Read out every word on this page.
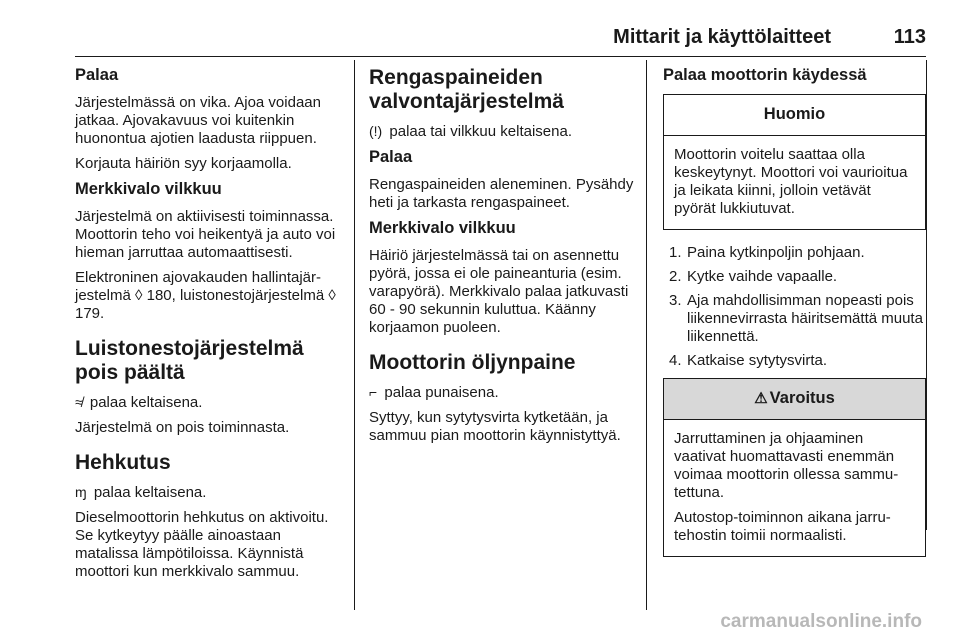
Mittarit ja käyttölaitteet	113
Palaa

Järjestelmässä on vika. Ajoa voidaan jatkaa. Ajovakavuus voi kuitenkin huonontua ajotien laadusta riippuen.

Korjauta häiriön syy korjaamolla.

Merkkivalo vilkkuu

Järjestelmä on aktiivisesti toiminnassa. Moottorin teho voi heikentyä ja auto voi hieman jarruttaa automaattisesti.

Elektroninen ajovakauden hallintajärjestelmä ◊ 180, luistonestojärjestelmä ◊ 179.

Luistonestojärjestelmä pois päältä

≉ palaa keltaisena.

Järjestelmä on pois toiminnasta.

Hehkutus

ɱ palaa keltaisena.

Dieselmoottorin hehkutus on aktivoitu. Se kytkeytyy päälle ainoastaan matalissa lämpötiloissa. Käynnistä moottori kun merkkivalo sammuu.

Rengaspaineiden valvontajärjestelmä

(!) palaa tai vilkkuu keltaisena.

Palaa

Rengaspaineiden aleneminen. Pysähdy heti ja tarkasta rengaspaineet.

Merkkivalo vilkkuu

Häiriö järjestelmässä tai on asennettu pyörä, jossa ei ole paineanturia (esim. varapyörä). Merkkivalo palaa jatkuvasti 60 - 90 sekunnin kuluttua. Käänny korjaamon puoleen.

Moottorin öljynpaine

⌐ palaa punaisena.

Syttyy, kun sytytysvirta kytketään, ja sammuu pian moottorin käynnistyttyä.

Palaa moottorin käydessä
Huomio

Moottorin voitelu saattaa olla keskeytynyt. Moottori voi vaurioitua ja leikata kiinni, jolloin vetävät pyörät lukkiutuvat.

1. Paina kytkinpoljin pohjaan.
2. Kytke vaihde vapaalle.
3. Aja mahdollisimman nopeasti pois liikennevirrasta häiritsemättä muuta liikennettä.
4. Katkaise sytytysvirta.
⚠ Varoitus

Jarruttaminen ja ohjaaminen vaativat huomattavasti enemmän voimaa moottorin ollessa sammutettuna.

Autostop-toiminnon aikana jarrutehostin toimii normaalisti.

carmanualsonline.info
